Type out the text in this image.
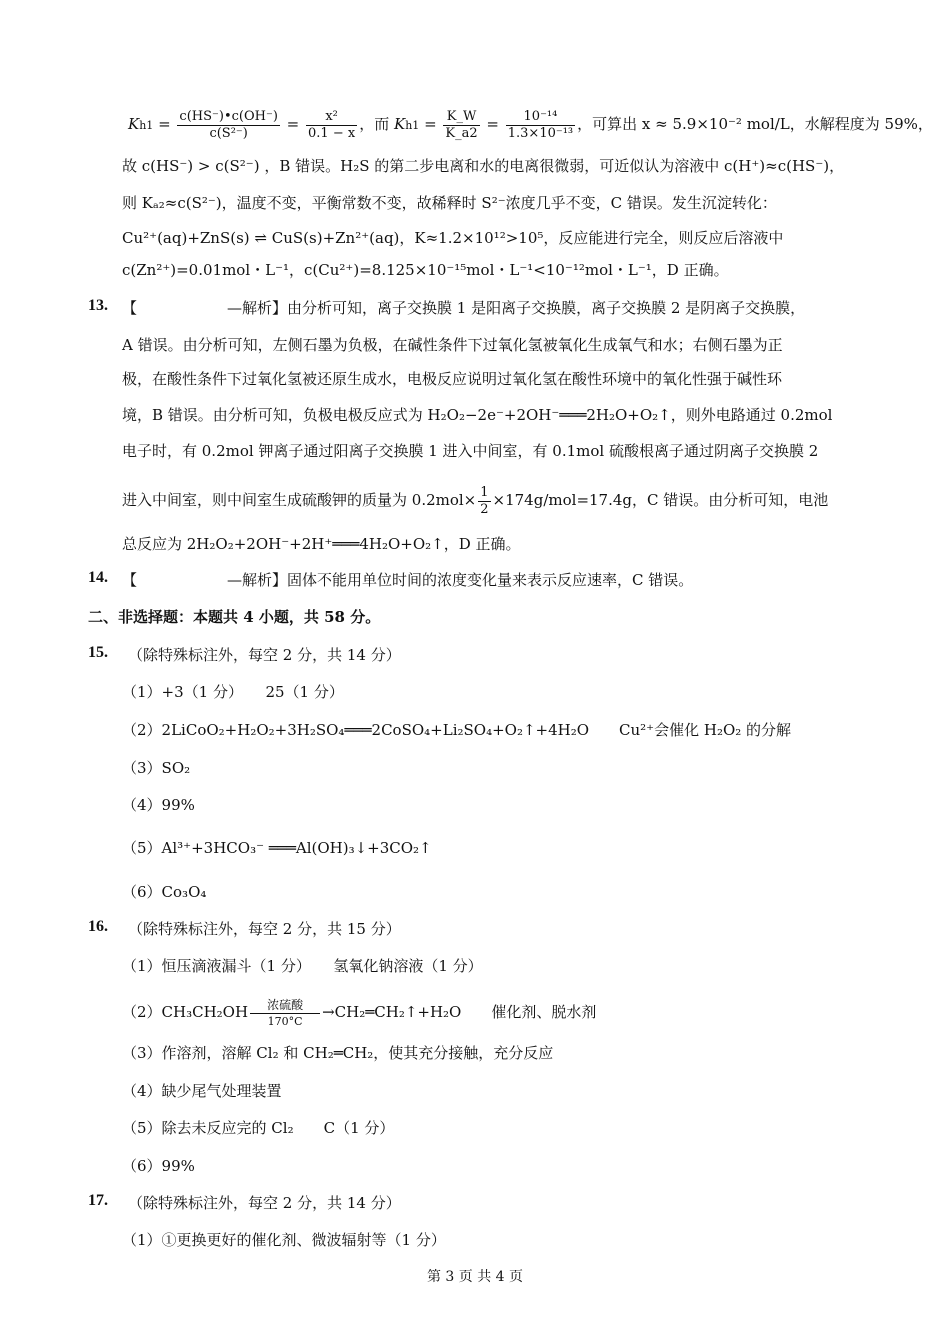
$Kh1 = \frac{c(HS^-)•c(OH^-)}{\text{c(S²⁻)}} = \frac{\text{x²}}{0.1 - x}$ ，而 $Kh1 = \frac{K\_W}{K\_a2} = \frac{\text{10⁻¹⁴}}{\text{1.3×10⁻¹³}}$ ，可算出 x ≈ 5.9×10⁻² mol/L，水解程度为 59%，
故 c(HS⁻) > c(S²⁻) ，B 错误。H₂S 的第二步电离和水的电离很微弱，可近似认为溶液中 c(H⁺)≈c(HS⁻)，
则 Kₐ₂≈c(S²⁻)，温度不变，平衡常数不变，故稀释时 S²⁻浓度几乎不变，C 错误。发生沉淀转化：
Cu²⁺(aq)+ZnS(s) ⇌ CuS(s)+Zn²⁺(aq)，K≈1.2×10¹²>10⁵，反应能进行完全，则反应后溶液中
c(Zn²⁺)=0.01mol・L⁻¹，c(Cu²⁺)=8.125×10⁻¹⁵mol・L⁻¹<10⁻¹²mol・L⁻¹，D 正确。
13. 【　　　　　　—解析】由分析可知，离子交换膜 1 是阳离子交换膜，离子交换膜 2 是阴离子交换膜，
A 错误。由分析可知，左侧石墨为负极，在碱性条件下过氧化氢被氧化生成氧气和水；右侧石墨为正
极，在酸性条件下过氧化氢被还原生成水，电极反应说明过氧化氢在酸性环境中的氧化性强于碱性环
境，B 错误。由分析可知，负极电极反应式为 H₂O₂−2e⁻+2OH⁻═══2H₂O+O₂↑，则外电路通过 0.2mol
电子时，有 0.2mol 钾离子通过阳离子交换膜 1 进入中间室，有 0.1mol 硫酸根离子通过阴离子交换膜 2
进入中间室，则中间室生成硫酸钾的质量为 $0.2mol\times \frac{1}{2} \times 174g/mol=17.4g$，C 错误。由分析可知，电池
总反应为 2H₂O₂+2OH⁻+2H⁺═══4H₂O+O₂↑，D 正确。
14. 【　　　　　　—解析】固体不能用单位时间的浓度变化量来表示反应速率，C 错误。
二、非选择题：本题共 4 小题，共 58 分。
15. （除特殊标注外，每空 2 分，共 14 分）
（1）+3（1 分）　　25（1 分）
（2）2LiCoO₂+H₂O₂+3H₂SO₄═══2CoSO₄+Li₂SO₄+O₂↑+4H₂O　　Cu²⁺会催化 H₂O₂ 的分解
（3）SO₂
（4）99%
（5）Al³⁺+3HCO₃⁻ ═══Al(OH)₃↓+3CO₂↑
（6）Co₃O₄
16. （除特殊标注外，每空 2 分，共 15 分）
（1）恒压滴液漏斗（1 分）　　氢氧化钠溶液（1 分）
$(2)CH_3CH_2OH \frac{\text{浓硫酸}}{170^\circ C}$ →CH₂═CH₂↑+H₂O　　催化剂、脱水剂
（3）作溶剂，溶解 Cl₂ 和 CH₂═CH₂，使其充分接触，充分反应
（4）缺少尾气处理装置
（5）除去未反应完的 Cl₂　　C（1 分）
（6）99%
17. （除特殊标注外，每空 2 分，共 14 分）
（1）①更换更好的催化剂、微波辐射等（1 分）
第 3 页 共 4 页
